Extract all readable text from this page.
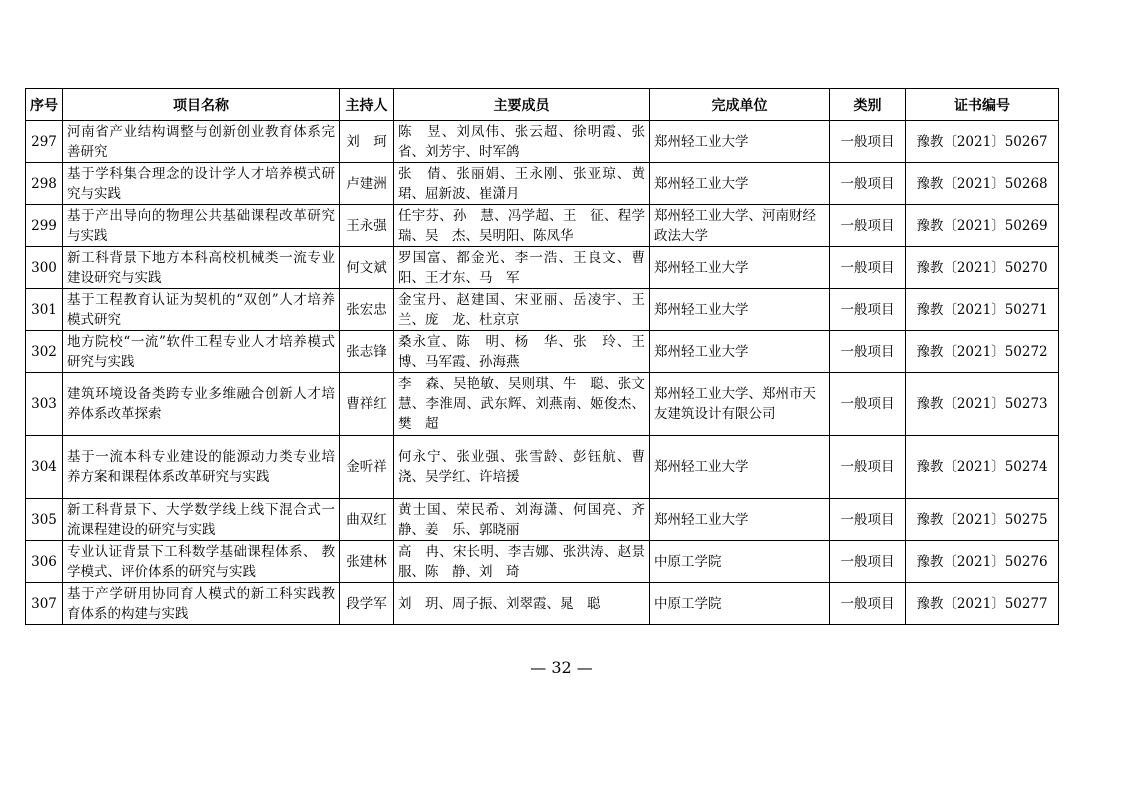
序号	项目名称	主持人	主要成员	完成单位	类别	证书编号
297	河南省产业结构调整与创新创业教育体系完善研究	刘　珂	陈　昱、刘凤伟、张云超、徐明霞、张　省、刘芳宇、时军鸽	郑州轻工业大学	一般项目	豫教〔2021〕50267
298	基于学科集合理念的设计学人才培养模式研究与实践	卢建洲	张　倩、张丽娟、王永刚、张亚琼、黄　珺、屈新波、崔潇月	郑州轻工业大学	一般项目	豫教〔2021〕50268
299	基于产出导向的物理公共基础课程改革研究与实践	王永强	任宇芬、孙　慧、冯学超、王　征、程学瑞、吴　杰、吴明阳、陈凤华	郑州轻工业大学、河南财经政法大学	一般项目	豫教〔2021〕50269
300	新工科背景下地方本科高校机械类一流专业建设研究与实践	何文斌	罗国富、都金光、李一浩、王良文、曹　阳、王才东、马　军	郑州轻工业大学	一般项目	豫教〔2021〕50270
301	基于工程教育认证为契机的“双创”人才培养模式研究	张宏忠	金宝丹、赵建国、宋亚丽、岳凌宇、王　兰、庞　龙、杜京京	郑州轻工业大学	一般项目	豫教〔2021〕50271
302	地方院校“一流”软件工程专业人才培养模式研究与实践	张志锋	桑永宣、陈　明、杨　华、张　玲、王　博、马军霞、孙海燕	郑州轻工业大学	一般项目	豫教〔2021〕50272
303	建筑环境设备类跨专业多维融合创新人才培养体系改革探索	曹祥红	李　森、吴艳敏、吴则琪、牛　聪、张文慧、李淮周、武东辉、刘燕南、姬俊杰、樊　超	郑州轻工业大学、郑州市天友建筑设计有限公司	一般项目	豫教〔2021〕50273
304	基于一流本科专业建设的能源动力类专业培养方案和课程体系改革研究与实践	金听祥	何永宁、张业强、张雪龄、彭钰航、曹　浇、吴学红、许培援	郑州轻工业大学	一般项目	豫教〔2021〕50274
305	新工科背景下、大学数学线上线下混合式一流课程建设的研究与实践	曲双红	黄士国、荣民希、刘海潇、何国亮、齐　静、姜　乐、郭晓丽	郑州轻工业大学	一般项目	豫教〔2021〕50275
306	专业认证背景下工科数学基础课程体系、 教学模式、评价体系的研究与实践	张建林	高　冉、宋长明、李吉娜、张洪涛、赵景服、陈　静、刘　琦	中原工学院	一般项目	豫教〔2021〕50276
307	基于产学研用协同育人模式的新工科实践教育体系的构建与实践	段学军	刘　玥、周子振、刘翠霞、晁　聪	中原工学院	一般项目	豫教〔2021〕50277
— 32 —
